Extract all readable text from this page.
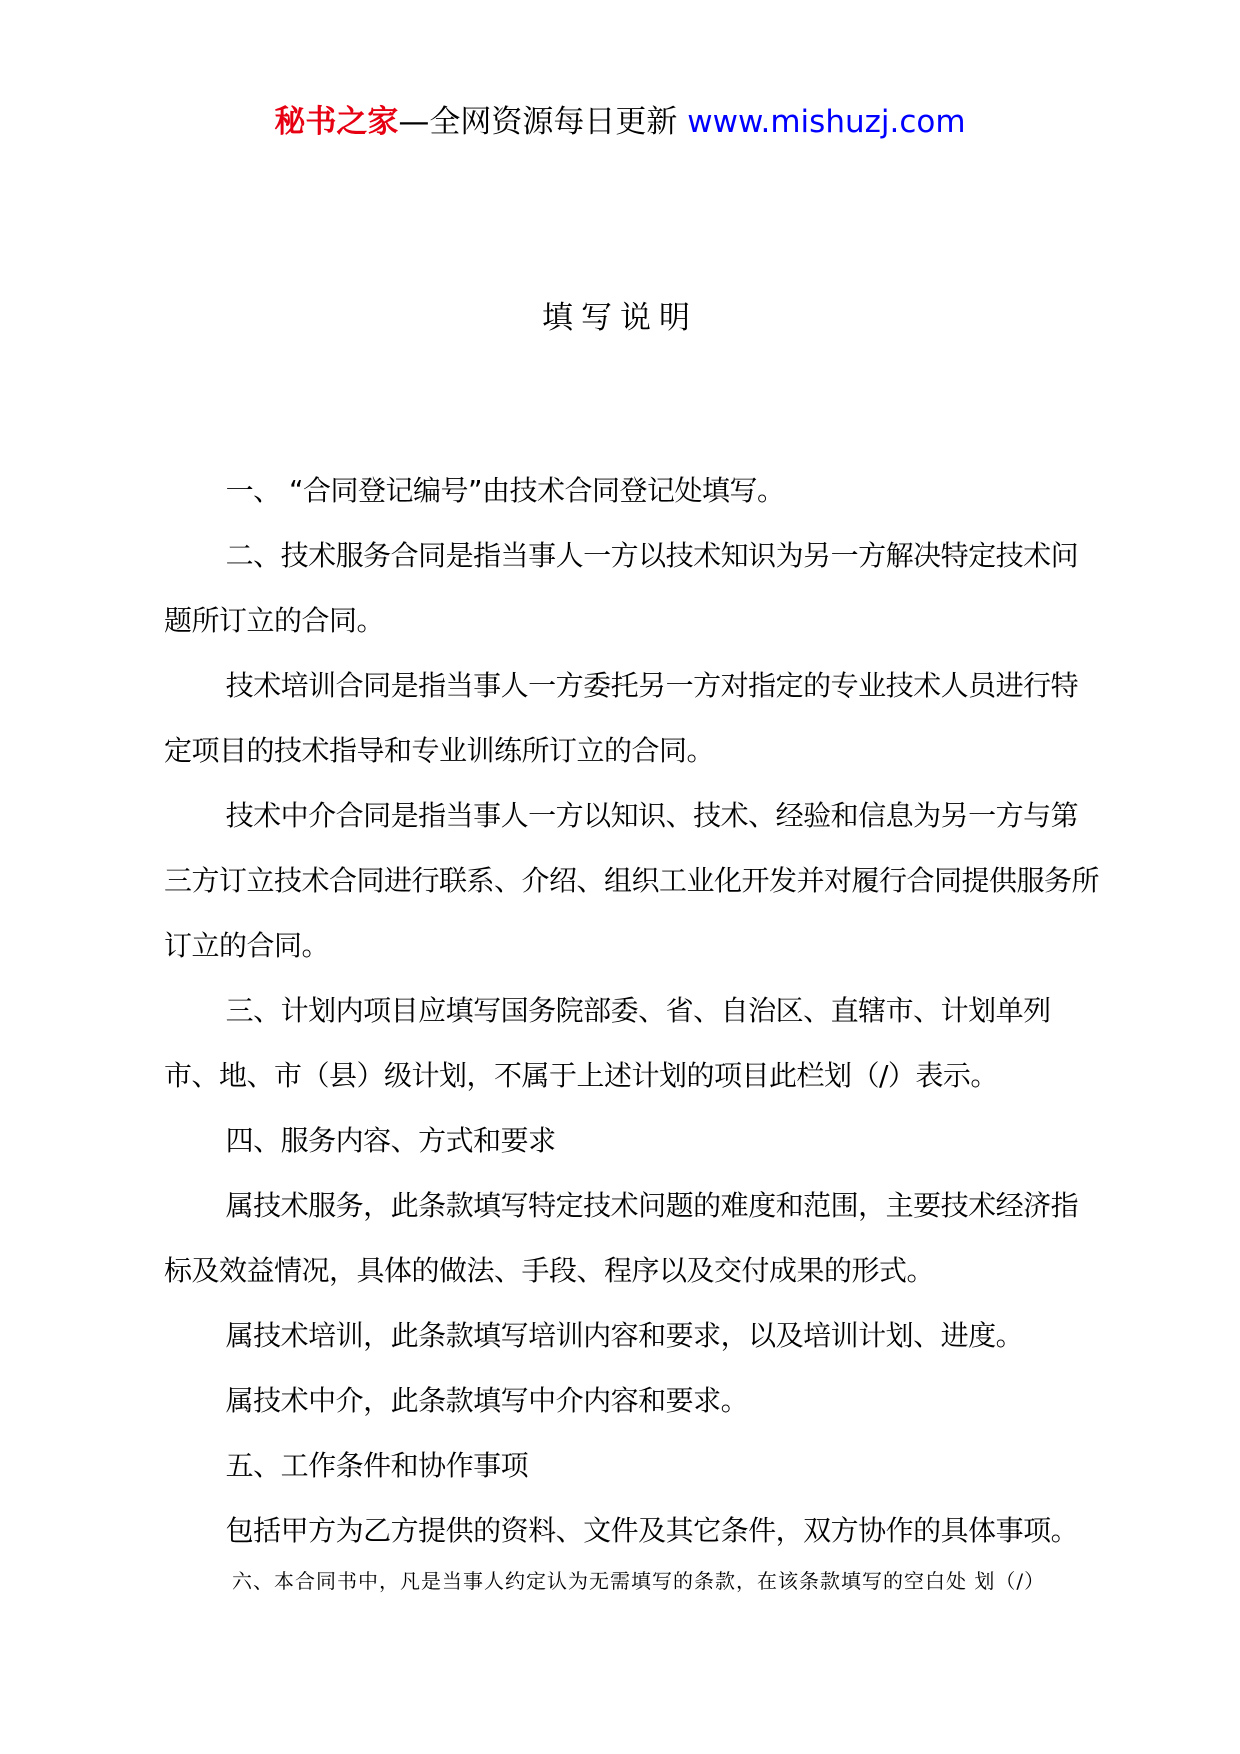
秘书之家—全网资源每日更新 www.mishuzj.com
填写说明

一、 “合同登记编号”由技术合同登记处填写。

二、技术服务合同是指当事人一方以技术知识为另一方解决特定技术问题所订立的合同。

技术培训合同是指当事人一方委托另一方对指定的专业技术人员进行特定项目的技术指导和专业训练所订立的合同。

技术中介合同是指当事人一方以知识、技术、经验和信息为另一方与第三方订立技术合同进行联系、介绍、组织工业化开发并对履行合同提供服务所订立的合同。

三、计划内项目应填写国务院部委、省、自治区、直辖市、计划单列市、地、市（县）级计划，不属于上述计划的项目此栏划（/）表示。

四、服务内容、方式和要求

属技术服务，此条款填写特定技术问题的难度和范围，主要技术经济指标及效益情况，具体的做法、手段、程序以及交付成果的形式。

属技术培训，此条款填写培训内容和要求，以及培训计划、进度。

属技术中介，此条款填写中介内容和要求。

五、工作条件和协作事项

包括甲方为乙方提供的资料、文件及其它条件，双方协作的具体事项。

六、本合同书中，凡是当事人约定认为无需填写的条款，在该条款填写的空白处 划（/）
